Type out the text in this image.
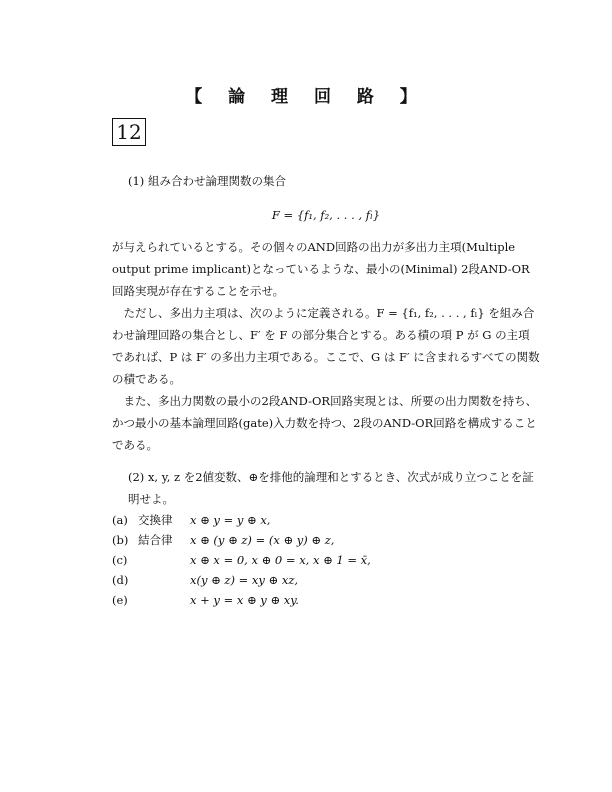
【 論 理 回 路 】
12

(1) 組み合わせ論理関数の集合

F = {f₁, f₂, . . . , fₗ}

が与えられているとする。その個々のAND回路の出力が多出力主項(Multiple output prime implicant)となっているような、最小の(Minimal) 2段AND-OR回路実現が存在することを示せ。

ただし、多出力主項は、次のように定義される。F = {f₁, f₂, . . . , fₗ} を組み合わせ論理回路の集合とし、F′ を F の部分集合とする。ある積の項 P が G の主項であれば、P は F′ の多出力主項である。ここで、G は F′ に含まれるすべての関数の積である。

また、多出力関数の最小の2段AND-OR回路実現とは、所要の出力関数を持ち、かつ最小の基本論理回路(gate)入力数を持つ、2段のAND-OR回路を構成することである。

(2) x, y, z を2値変数、⊕を排他的論理和とするとき、次式が成り立つことを証明せよ。

(a) 交換律	x ⊕ y = y ⊕ x,
(b) 結合律	x ⊕ (y ⊕ z) = (x ⊕ y) ⊕ z,
(c)	x ⊕ x = 0, x ⊕ 0 = x, x ⊕ 1 = x̄,
(d)	x(y ⊕ z) = xy ⊕ xz,
(e)	x + y = x ⊕ y ⊕ xy.
